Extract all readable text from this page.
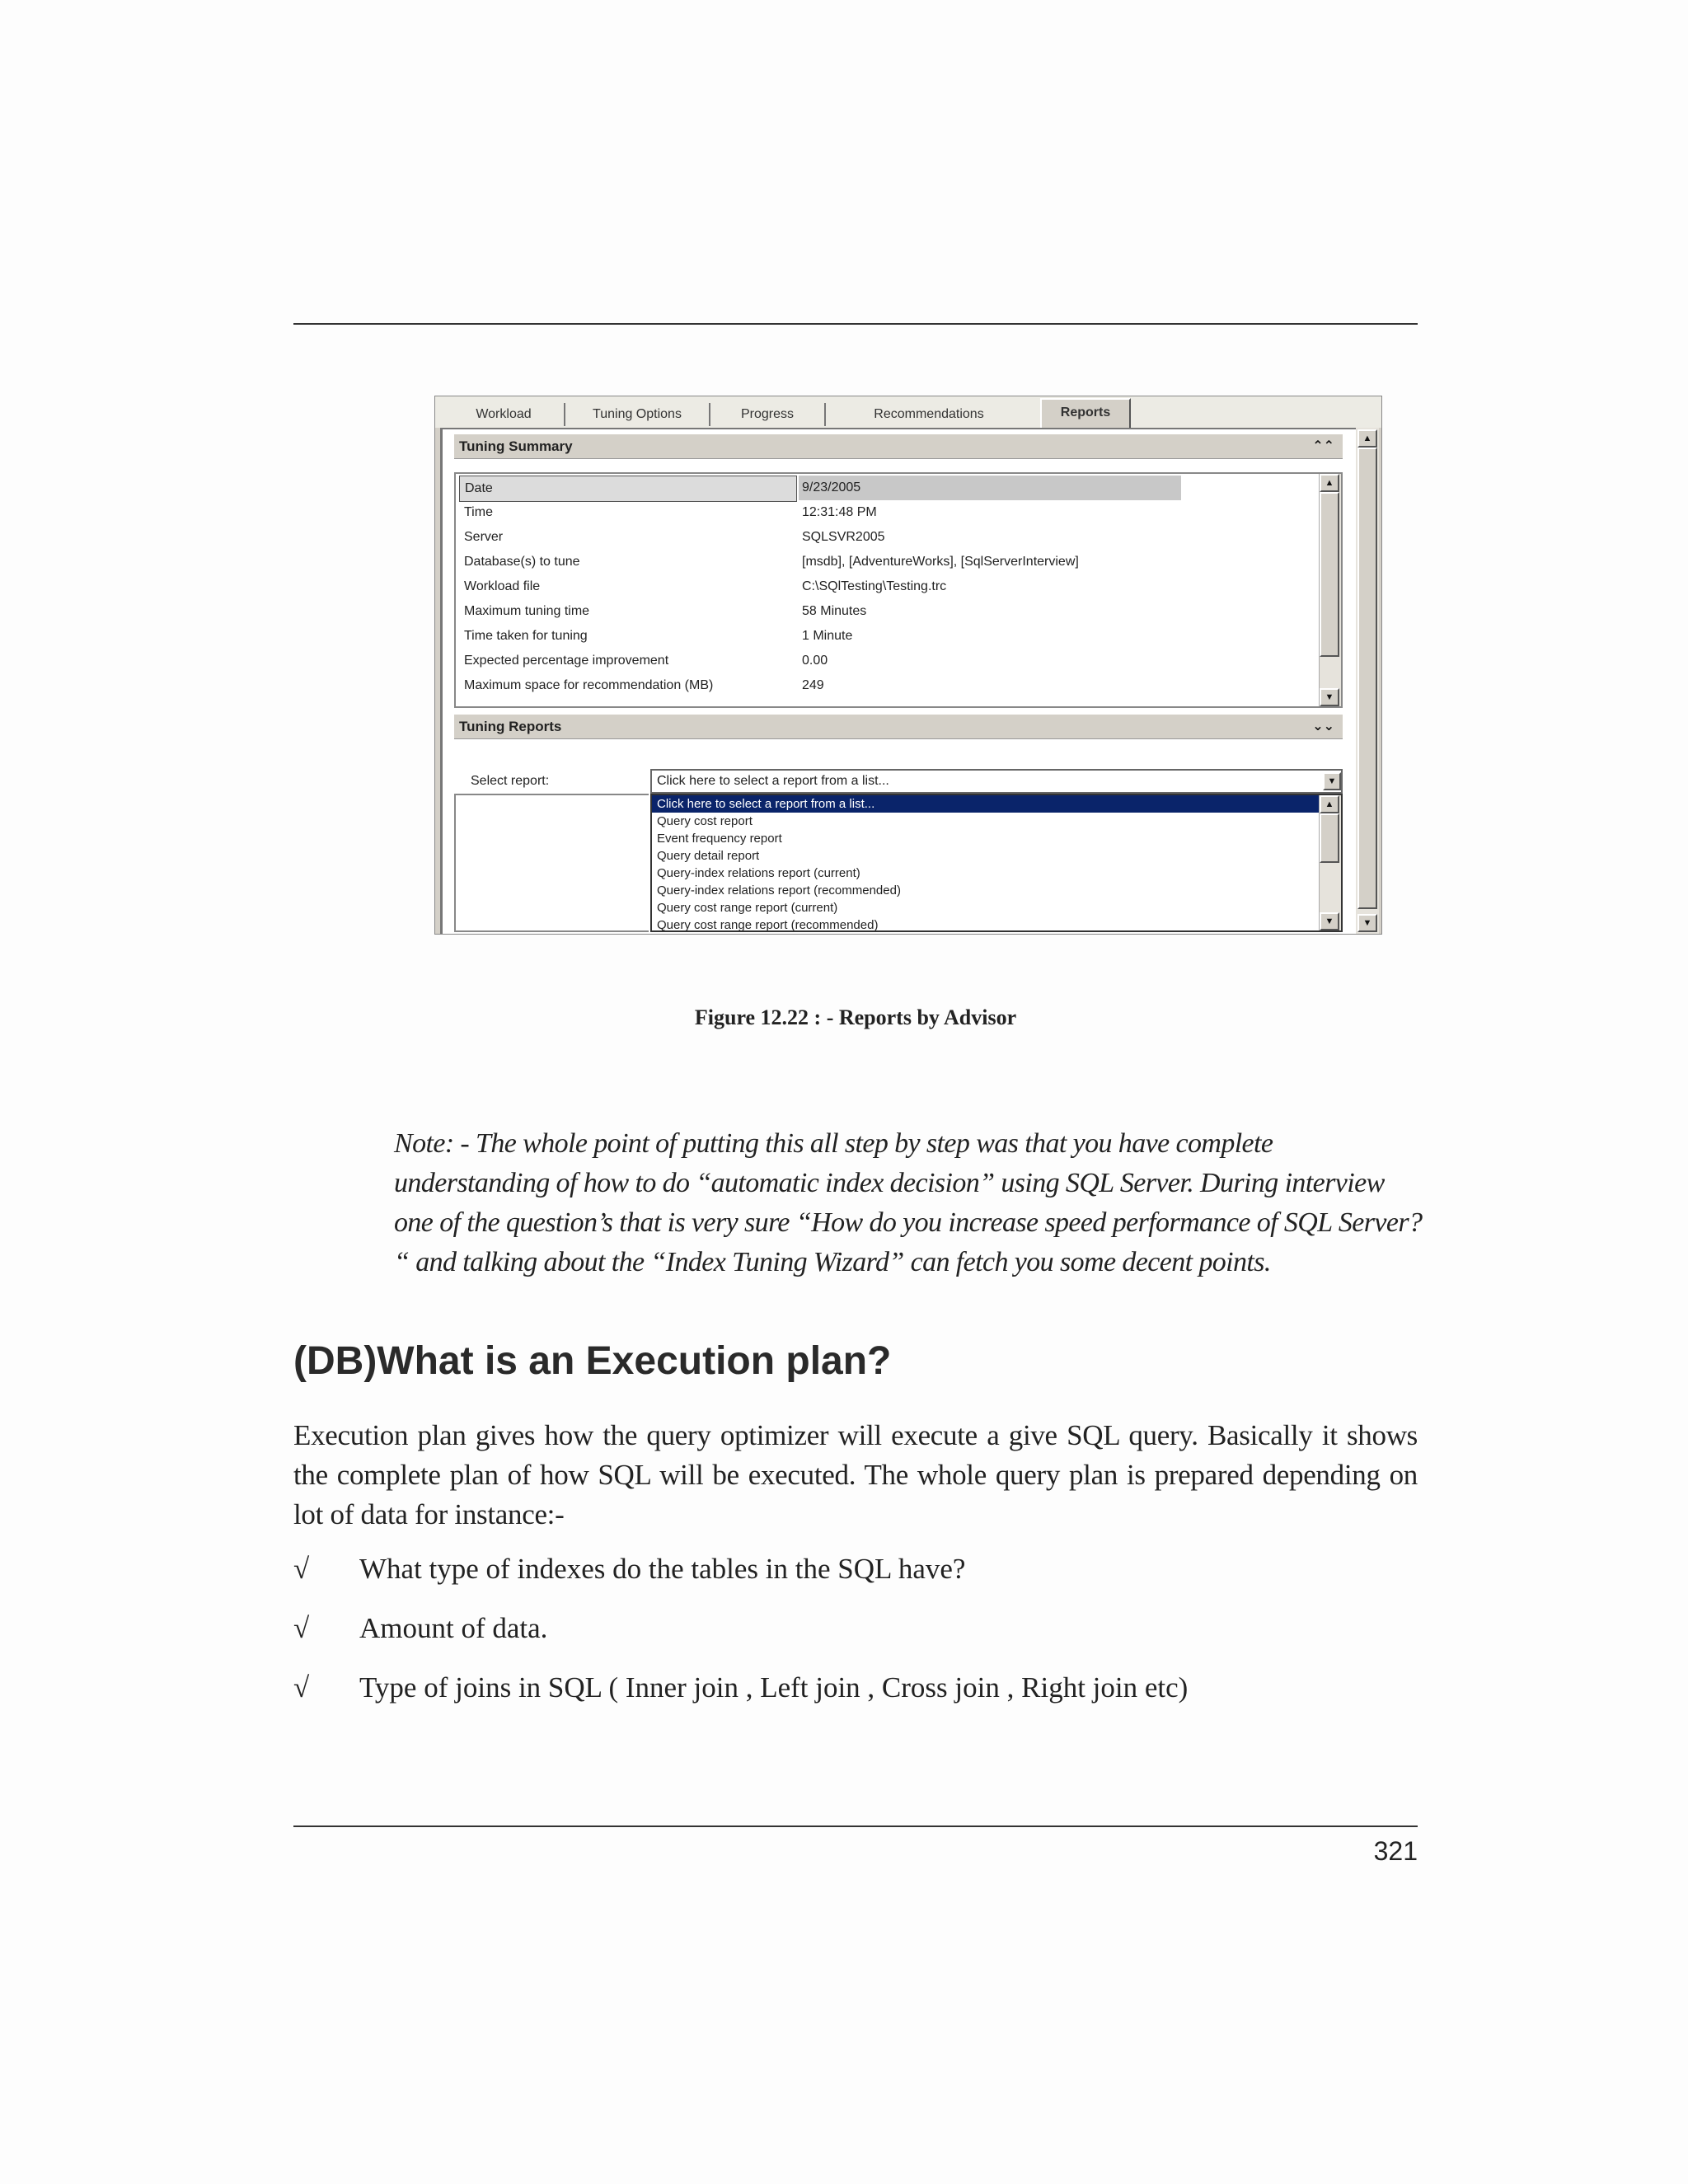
Workload	Tuning Options	Progress	Recommendations	Reports
Tuning Summary	⌃⌃
Date	9/23/2005
Time	12:31:48 PM
Server	SQLSVR2005
Database(s) to tune	[msdb], [AdventureWorks], [SqlServerInterview]
Workload file	C:\SQlTesting\Testing.trc
Maximum tuning time	58 Minutes
Time taken for tuning	1 Minute
Expected percentage improvement	0.00
Maximum space for recommendation (MB)	249
▲
▼
Tuning Reports	⌄⌄
Select report:	Click here to select a report from a list...	▼
Click here to select a report from a list...
Query cost report
Event frequency report
Query detail report
Query-index relations report (current)
Query-index relations report (recommended)
Query cost range report (current)
Query cost range report (recommended)
▲
▼
▲
▼
Figure 12.22 : - Reports by Advisor
Note: - The whole point of putting this all step by step was that you have complete understanding of how to do “automatic index decision” using SQL Server. During interview one of the question’s that is very sure “How do you increase speed performance of SQL Server? “ and talking about the “Index Tuning Wizard” can fetch you some decent points.
(DB)What is an Execution plan?
Execution plan gives how the query optimizer will execute a give SQL query. Basically it shows the complete plan of how SQL will be executed. The whole query plan is prepared depending on lot of data for instance:-
√ What type of indexes do the tables in the SQL have?
√ Amount of data.
√ Type of joins in SQL ( Inner join , Left join , Cross join , Right join etc)
321
